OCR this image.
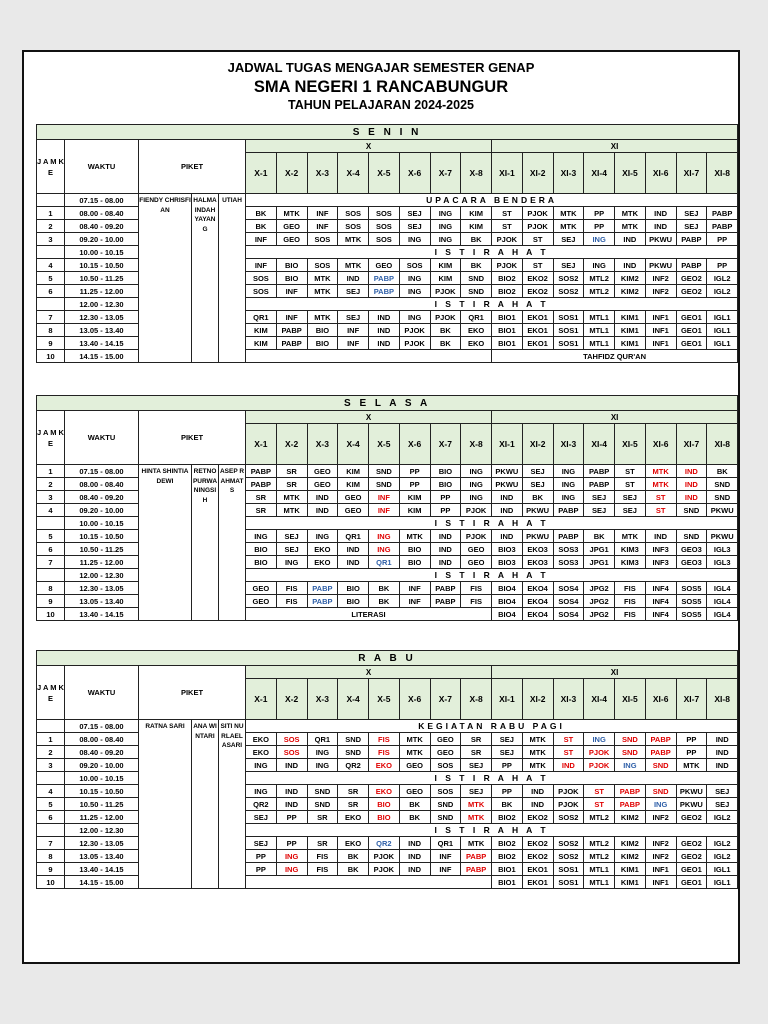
JADWAL TUGAS MENGAJAR SEMESTER GENAP
SMA NEGERI 1 RANCABUNGUR
TAHUN PELAJARAN 2024-2025
S E N I N																				
J A M K E	WAKTU	PIKET			X								XI							
					X-1	X-2	X-3	X-4	X-5	X-6	X-7	X-8	XI-1	XI-2	XI-3	XI-4	XI-5	XI-6	XI-7	XI-8
	07.15 - 08.00	FIENDY CHRISFIAN	HALMA INDAH YAYANG	UTIAH	UPACARA BENDERA															
1	08.00 - 08.40				BK	MTK	INF	SOS	SOS	SEJ	ING	KIM	ST	PJOK	MTK	PP	MTK	IND	SEJ	PABP
2	08.40 - 09.20				BK	GEO	INF	SOS	SOS	SEJ	ING	KIM	ST	PJOK	MTK	PP	MTK	IND	SEJ	PABP
3	09.20 - 10.00				INF	GEO	SOS	MTK	SOS	ING	ING	BK	PJOK	ST	SEJ	ING	IND	PKWU	PABP	PP
	10.00 - 10.15				I S T I R A H A T															
4	10.15 - 10.50				INF	BIO	SOS	MTK	GEO	SOS	KIM	BK	PJOK	ST	SEJ	ING	IND	PKWU	PABP	PP
5	10.50 - 11.25				SOS	BIO	MTK	IND	PABP	ING	KIM	SND	BIO2	EKO2	SOS2	MTL2	KIM2	INF2	GEO2	IGL2
6	11.25 - 12.00				SOS	INF	MTK	SEJ	PABP	ING	PJOK	SND	BIO2	EKO2	SOS2	MTL2	KIM2	INF2	GEO2	IGL2
	12.00 - 12.30				I S T I R A H A T															
7	12.30 - 13.05				QR1	INF	MTK	SEJ	IND	ING	PJOK	QR1	BIO1	EKO1	SOS1	MTL1	KIM1	INF1	GEO1	IGL1
8	13.05 - 13.40				KIM	PABP	BIO	INF	IND	PJOK	BK	EKO	BIO1	EKO1	SOS1	MTL1	KIM1	INF1	GEO1	IGL1
9	13.40 - 14.15				KIM	PABP	BIO	INF	IND	PJOK	BK	EKO	BIO1	EKO1	SOS1	MTL1	KIM1	INF1	GEO1	IGL1
10	14.15 - 15.00												TAHFIDZ QUR'AN							
S E L A S A																				
J A M K E	WAKTU	PIKET			X								XI							
					X-1	X-2	X-3	X-4	X-5	X-6	X-7	X-8	XI-1	XI-2	XI-3	XI-4	XI-5	XI-6	XI-7	XI-8
1	07.15 - 08.00	HINTA SHINTIA DEWI	RETNO PURWANINGSIH	ASEP RAHMAT S	PABP	SR	GEO	KIM	SND	PP	BIO	ING	PKWU	SEJ	ING	PABP	ST	MTK	IND	BK
2	08.00 - 08.40				PABP	SR	GEO	KIM	SND	PP	BIO	ING	PKWU	SEJ	ING	PABP	ST	MTK	IND	SND
3	08.40 - 09.20				SR	MTK	IND	GEO	INF	KIM	PP	ING	IND	BK	ING	SEJ	SEJ	ST	IND	SND
4	09.20 - 10.00				SR	MTK	IND	GEO	INF	KIM	PP	PJOK	IND	PKWU	PABP	SEJ	SEJ	ST	SND	PKWU
	10.00 - 10.15				I S T I R A H A T															
5	10.15 - 10.50				ING	SEJ	ING	QR1	ING	MTK	IND	PJOK	IND	PKWU	PABP	BK	MTK	IND	SND	PKWU
6	10.50 - 11.25				BIO	SEJ	EKO	IND	ING	BIO	IND	GEO	BIO3	EKO3	SOS3	JPG1	KIM3	INF3	GEO3	IGL3
7	11.25 - 12.00				BIO	ING	EKO	IND	QR1	BIO	IND	GEO	BIO3	EKO3	SOS3	JPG1	KIM3	INF3	GEO3	IGL3
	12.00 - 12.30				I S T I R A H A T															
8	12.30 - 13.05				GEO	FIS	PABP	BIO	BK	INF	PABP	FIS	BIO4	EKO4	SOS4	JPG2	FIS	INF4	SOS5	IGL4
9	13.05 - 13.40				GEO	FIS	PABP	BIO	BK	INF	PABP	FIS	BIO4	EKO4	SOS4	JPG2	FIS	INF4	SOS5	IGL4
10	13.40 - 14.15				LITERASI								BIO4	EKO4	SOS4	JPG2	FIS	INF4	SOS5	IGL4
R A B U																				
J A M K E	WAKTU	PIKET			X								XI							
					X-1	X-2	X-3	X-4	X-5	X-6	X-7	X-8	XI-1	XI-2	XI-3	XI-4	XI-5	XI-6	XI-7	XI-8
	07.15 - 08.00	RATNA SARI	ANA WINTARI	SITI NURLAELASARI	KEGIATAN RABU PAGI															
1	08.00 - 08.40				EKO	SOS	QR1	SND	FIS	MTK	GEO	SR	SEJ	MTK	ST	ING	SND	PABP	PP	IND
2	08.40 - 09.20				EKO	SOS	ING	SND	FIS	MTK	GEO	SR	SEJ	MTK	ST	PJOK	SND	PABP	PP	IND
3	09.20 - 10.00				ING	IND	ING	QR2	EKO	GEO	SOS	SEJ	PP	MTK	IND	PJOK	ING	SND	MTK	IND
	10.00 - 10.15				I S T I R A H A T															
4	10.15 - 10.50				ING	IND	SND	SR	EKO	GEO	SOS	SEJ	PP	IND	PJOK	ST	PABP	SND	PKWU	SEJ
5	10.50 - 11.25				QR2	IND	SND	SR	BIO	BK	SND	MTK	BK	IND	PJOK	ST	PABP	ING	PKWU	SEJ
6	11.25 - 12.00				SEJ	PP	SR	EKO	BIO	BK	SND	MTK	BIO2	EKO2	SOS2	MTL2	KIM2	INF2	GEO2	IGL2
	12.00 - 12.30				I S T I R A H A T															
7	12.30 - 13.05				SEJ	PP	SR	EKO	QR2	IND	QR1	MTK	BIO2	EKO2	SOS2	MTL2	KIM2	INF2	GEO2	IGL2
8	13.05 - 13.40				PP	ING	FIS	BK	PJOK	IND	INF	PABP	BIO2	EKO2	SOS2	MTL2	KIM2	INF2	GEO2	IGL2
9	13.40 - 14.15				PP	ING	FIS	BK	PJOK	IND	INF	PABP	BIO1	EKO1	SOS1	MTL1	KIM1	INF1	GEO1	IGL1
10	14.15 - 15.00												BIO1	EKO1	SOS1	MTL1	KIM1	INF1	GEO1	IGL1
